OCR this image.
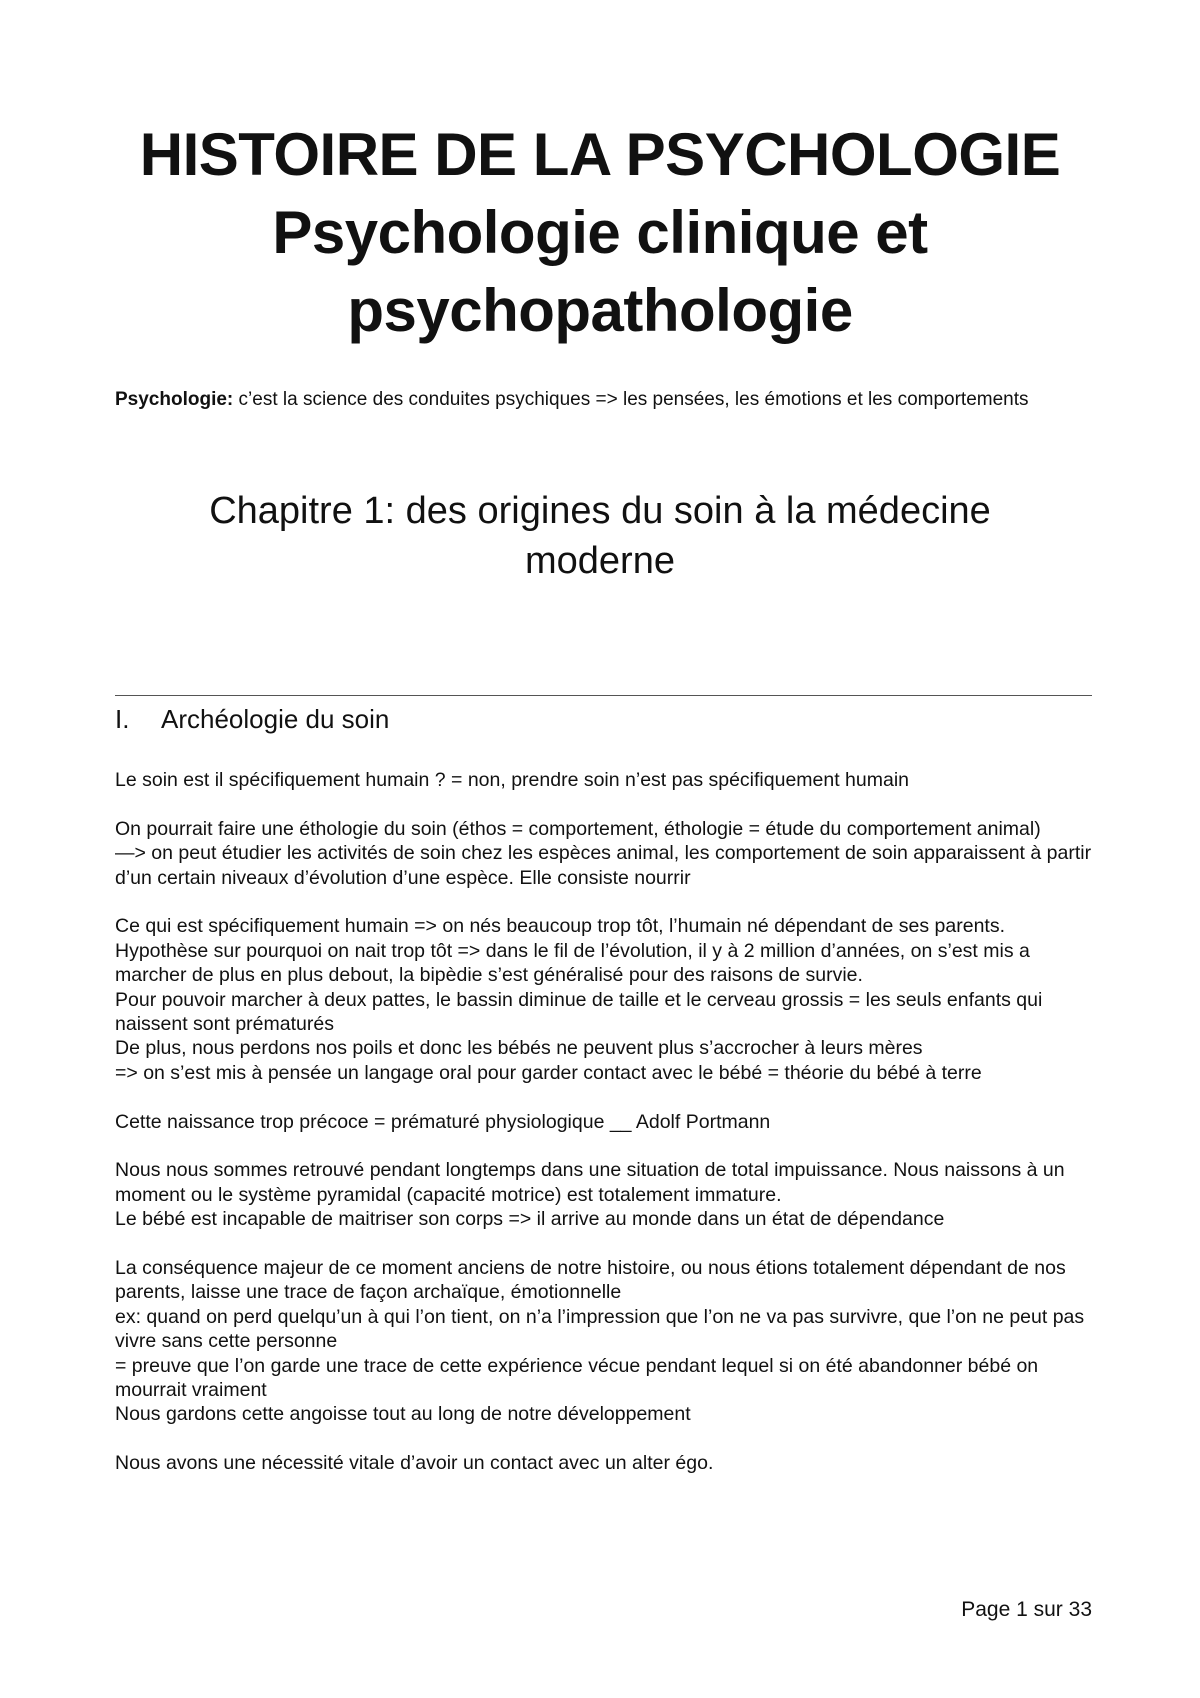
HISTOIRE DE LA PSYCHOLOGIE
Psychologie clinique et
psychopathologie
Psychologie: c’est la science des conduites psychiques => les pensées, les émotions et les comportements
Chapitre 1: des origines du soin à la médecine
moderne
I. Archéologie du soin
Le soin est il spécifiquement humain ? = non, prendre soin n’est pas spécifiquement humain
On pourrait faire une éthologie du soin (éthos = comportement, éthologie = étude du comportement animal)
—> on peut étudier les activités de soin chez les espèces animal, les comportement de soin apparaissent à partir d’un certain niveaux d’évolution d’une espèce. Elle consiste nourrir
Ce qui est spécifiquement humain => on nés beaucoup trop tôt, l’humain né dépendant de ses parents.
Hypothèse sur pourquoi on nait trop tôt => dans le fil de l’évolution, il y à 2 million d’années, on s’est mis a marcher de plus en plus debout, la bipèdie s’est généralisé pour des raisons de survie.
Pour pouvoir marcher à deux pattes, le bassin diminue de taille et le cerveau grossis = les seuls enfants qui naissent sont prématurés
De plus, nous perdons nos poils et donc les bébés ne peuvent plus s’accrocher à leurs mères
=> on s’est mis à pensée un langage oral pour garder contact avec le bébé = théorie du bébé à terre
Cette naissance trop précoce = prématuré physiologique __ Adolf Portmann
Nous nous sommes retrouvé pendant longtemps dans une situation de total impuissance. Nous naissons à un moment ou le système pyramidal (capacité motrice) est totalement immature.
Le bébé est incapable de maitriser son corps => il arrive au monde dans un état de dépendance
La conséquence majeur de ce moment anciens de notre histoire, ou nous étions totalement dépendant de nos parents, laisse une trace de façon archaïque, émotionnelle
ex: quand on perd quelqu’un à qui l’on tient, on n’a l’impression que l’on ne va pas survivre, que l’on ne peut pas vivre sans cette personne
= preuve que l’on garde une trace de cette expérience vécue pendant lequel si on été abandonner bébé on mourrait vraiment
Nous gardons cette angoisse tout au long de notre développement
Nous avons une nécessité vitale d’avoir un contact avec un alter égo.
Page 1 sur 33
